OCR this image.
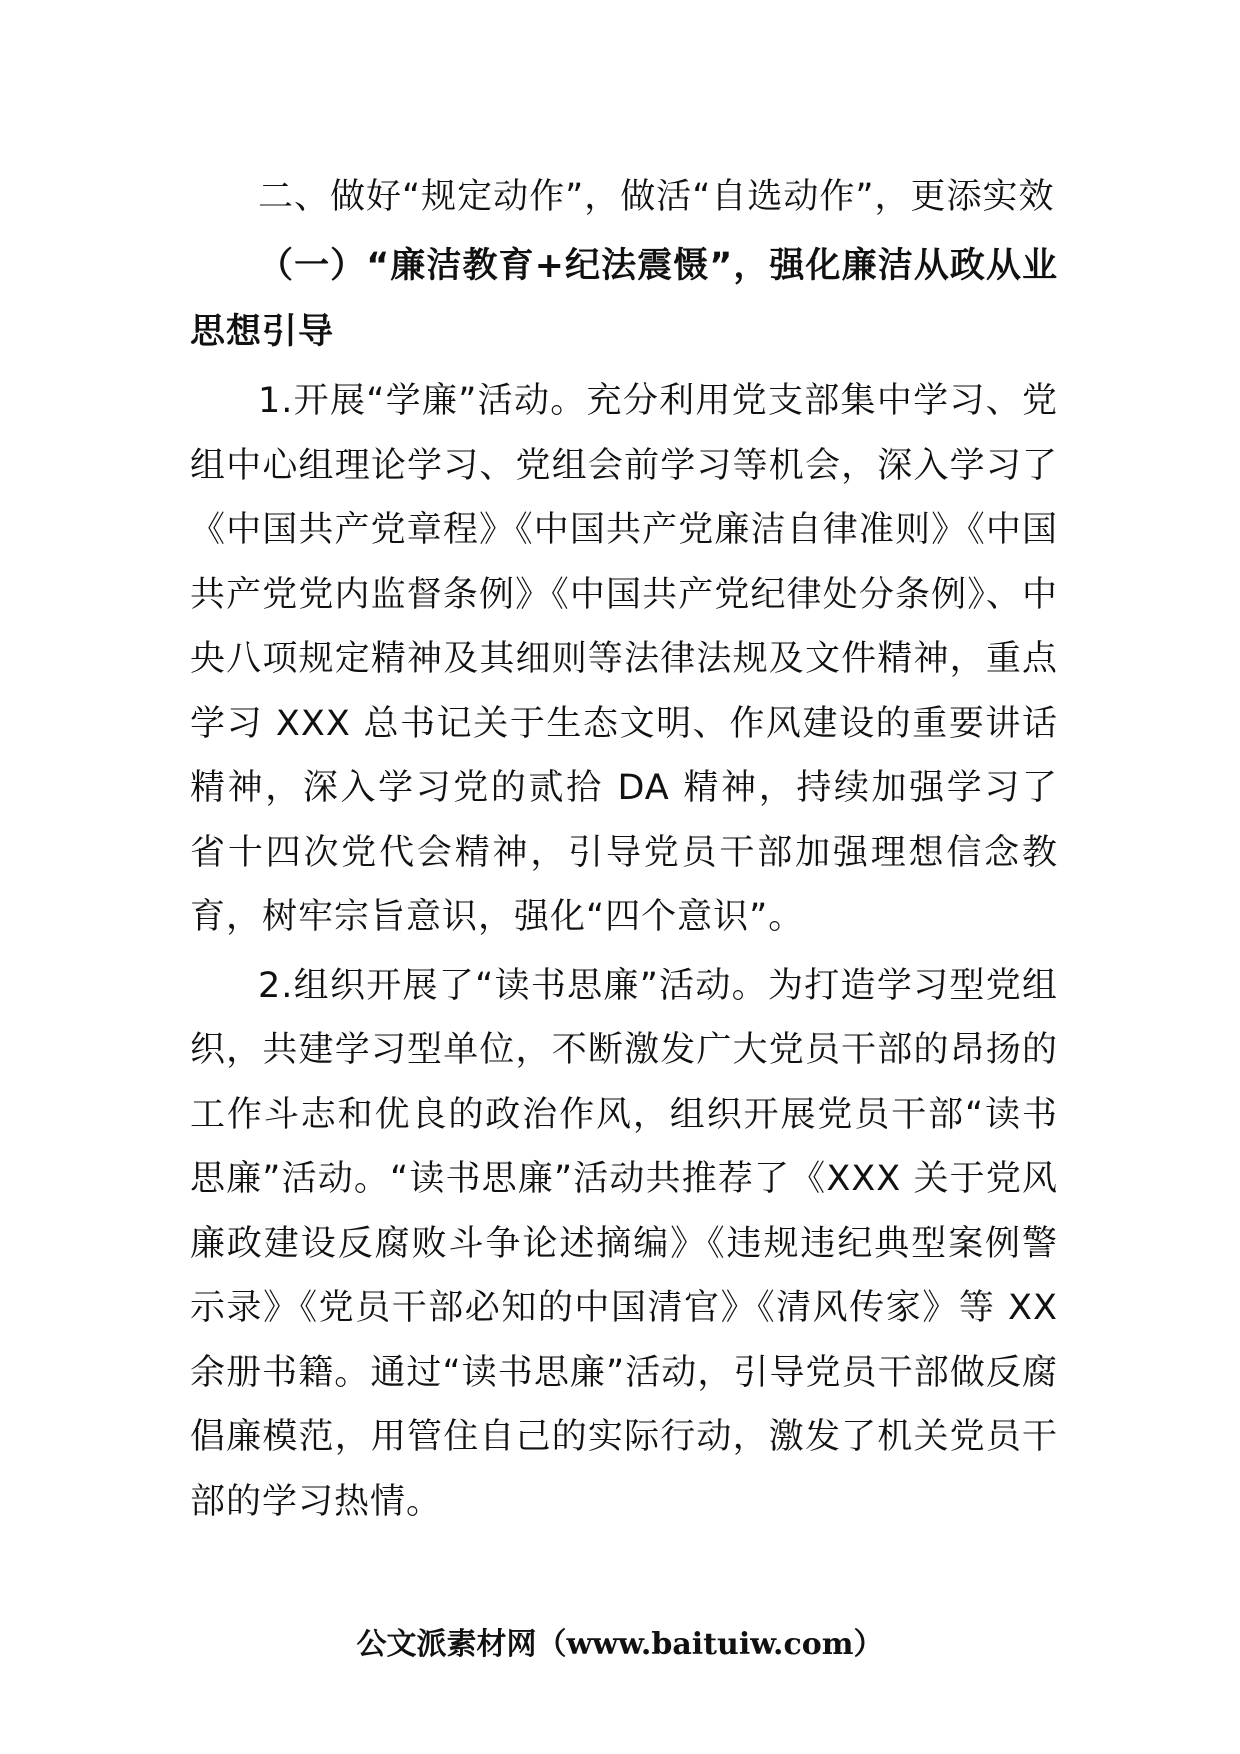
二、做好“规定动作”，做活“自选动作”，更添实效

（一）“廉洁教育+纪法震慑”，强化廉洁从政从业思想引导

1.开展“学廉”活动。充分利用党支部集中学习、党组中心组理论学习、党组会前学习等机会，深入学习了《中国共产党章程》《中国共产党廉洁自律准则》《中国共产党党内监督条例》《中国共产党纪律处分条例》、中央八项规定精神及其细则等法律法规及文件精神，重点学习 XXX 总书记关于生态文明、作风建设的重要讲话精神，深入学习党的贰拾 DA 精神，持续加强学习了省十四次党代会精神，引导党员干部加强理想信念教育，树牢宗旨意识，强化“四个意识”。

2.组织开展了“读书思廉”活动。为打造学习型党组织，共建学习型单位，不断激发广大党员干部的昂扬的工作斗志和优良的政治作风，组织开展党员干部“读书思廉”活动。“读书思廉”活动共推荐了《XXX 关于党风廉政建设反腐败斗争论述摘编》《违规违纪典型案例警示录》《党员干部必知的中国清官》《清风传家》等 XX 余册书籍。通过“读书思廉”活动，引导党员干部做反腐倡廉模范，用管住自己的实际行动，激发了机关党员干部的学习热情。

公文派素材网（www.baituiw.com）
